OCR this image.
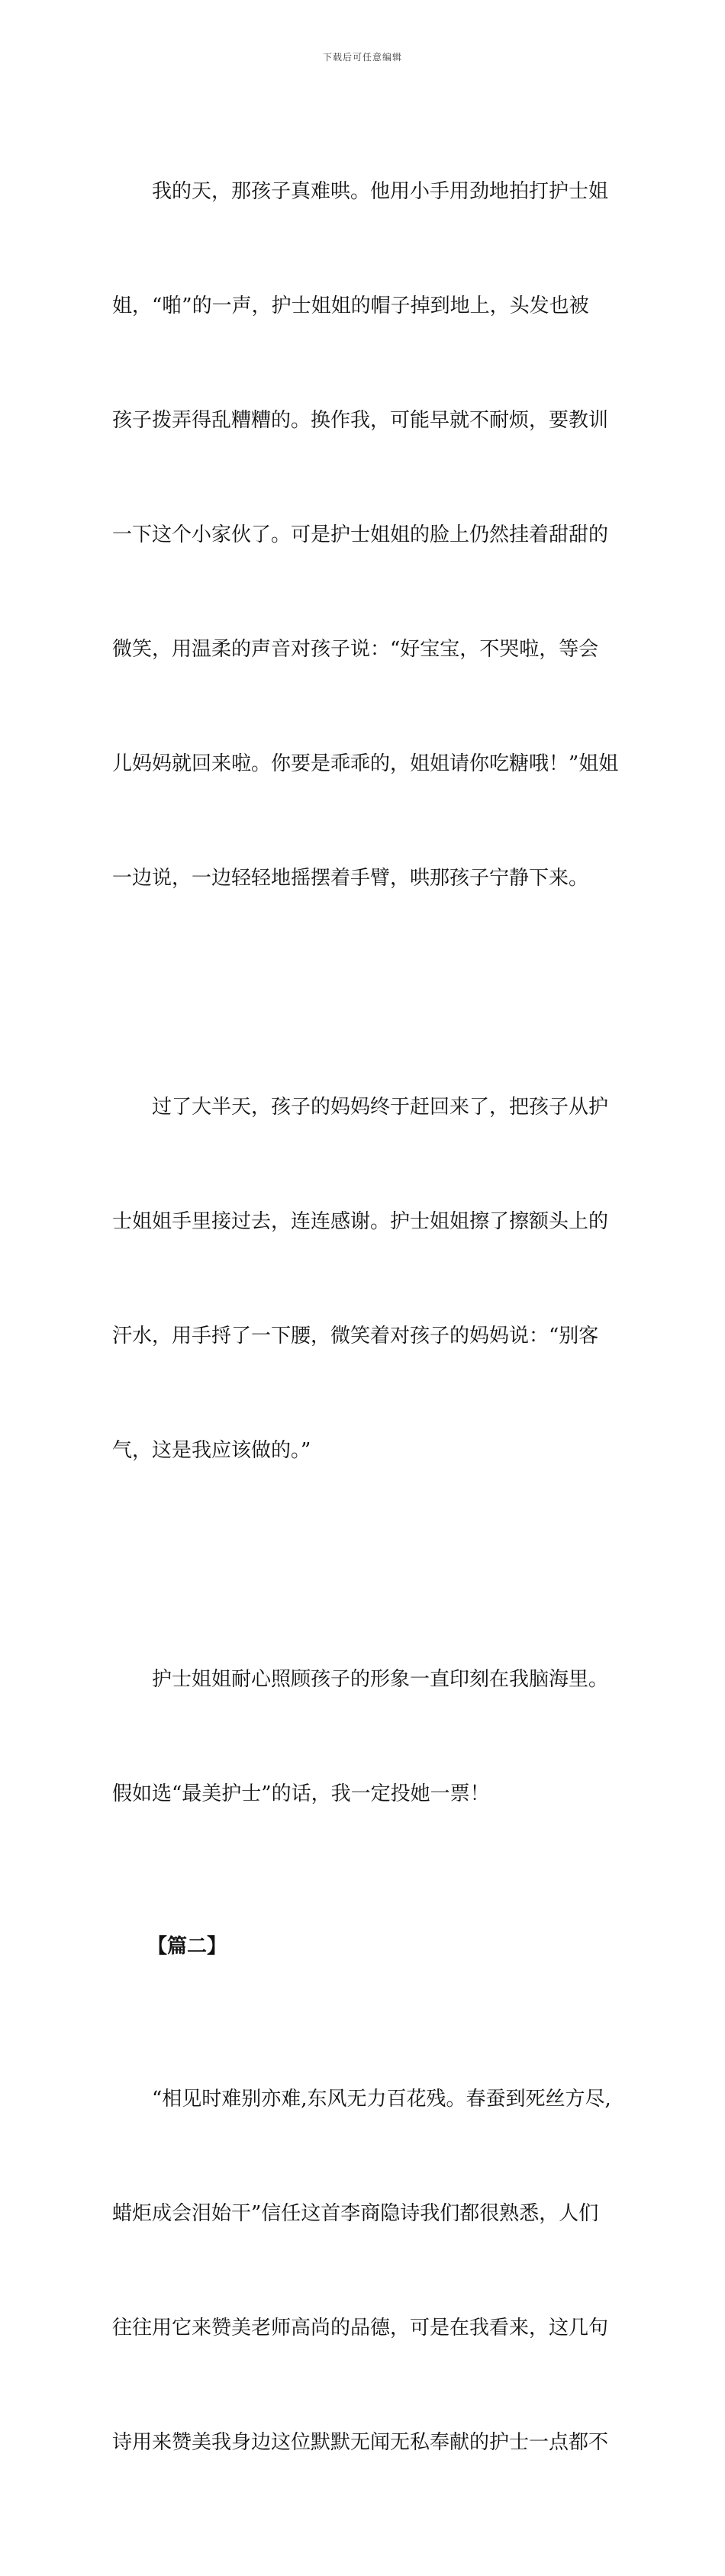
下载后可任意编辑

我的天，那孩子真难哄。他用小手用劲地拍打护士姐

姐，“啪”的一声，护士姐姐的帽子掉到地上，头发也被

孩子拨弄得乱糟糟的。换作我，可能早就不耐烦，要教训

一下这个小家伙了。可是护士姐姐的脸上仍然挂着甜甜的

微笑，用温柔的声音对孩子说：“好宝宝，不哭啦，等会

儿妈妈就回来啦。你要是乖乖的，姐姐请你吃糖哦！”姐姐

一边说，一边轻轻地摇摆着手臂，哄那孩子宁静下来。

过了大半天，孩子的妈妈终于赶回来了，把孩子从护

士姐姐手里接过去，连连感谢。护士姐姐擦了擦额头上的

汗水，用手捋了一下腰，微笑着对孩子的妈妈说：“别客

气，这是我应该做的。”

护士姐姐耐心照顾孩子的形象一直印刻在我脑海里。

假如选“最美护士”的话，我一定投她一票！

【篇二】

“相见时难别亦难,东风无力百花残。春蚕到死丝方尽,

蜡炬成会泪始干”信任这首李商隐诗我们都很熟悉，人们

往往用它来赞美老师高尚的品德，可是在我看来，这几句

诗用来赞美我身边这位默默无闻无私奉献的护士一点都不
